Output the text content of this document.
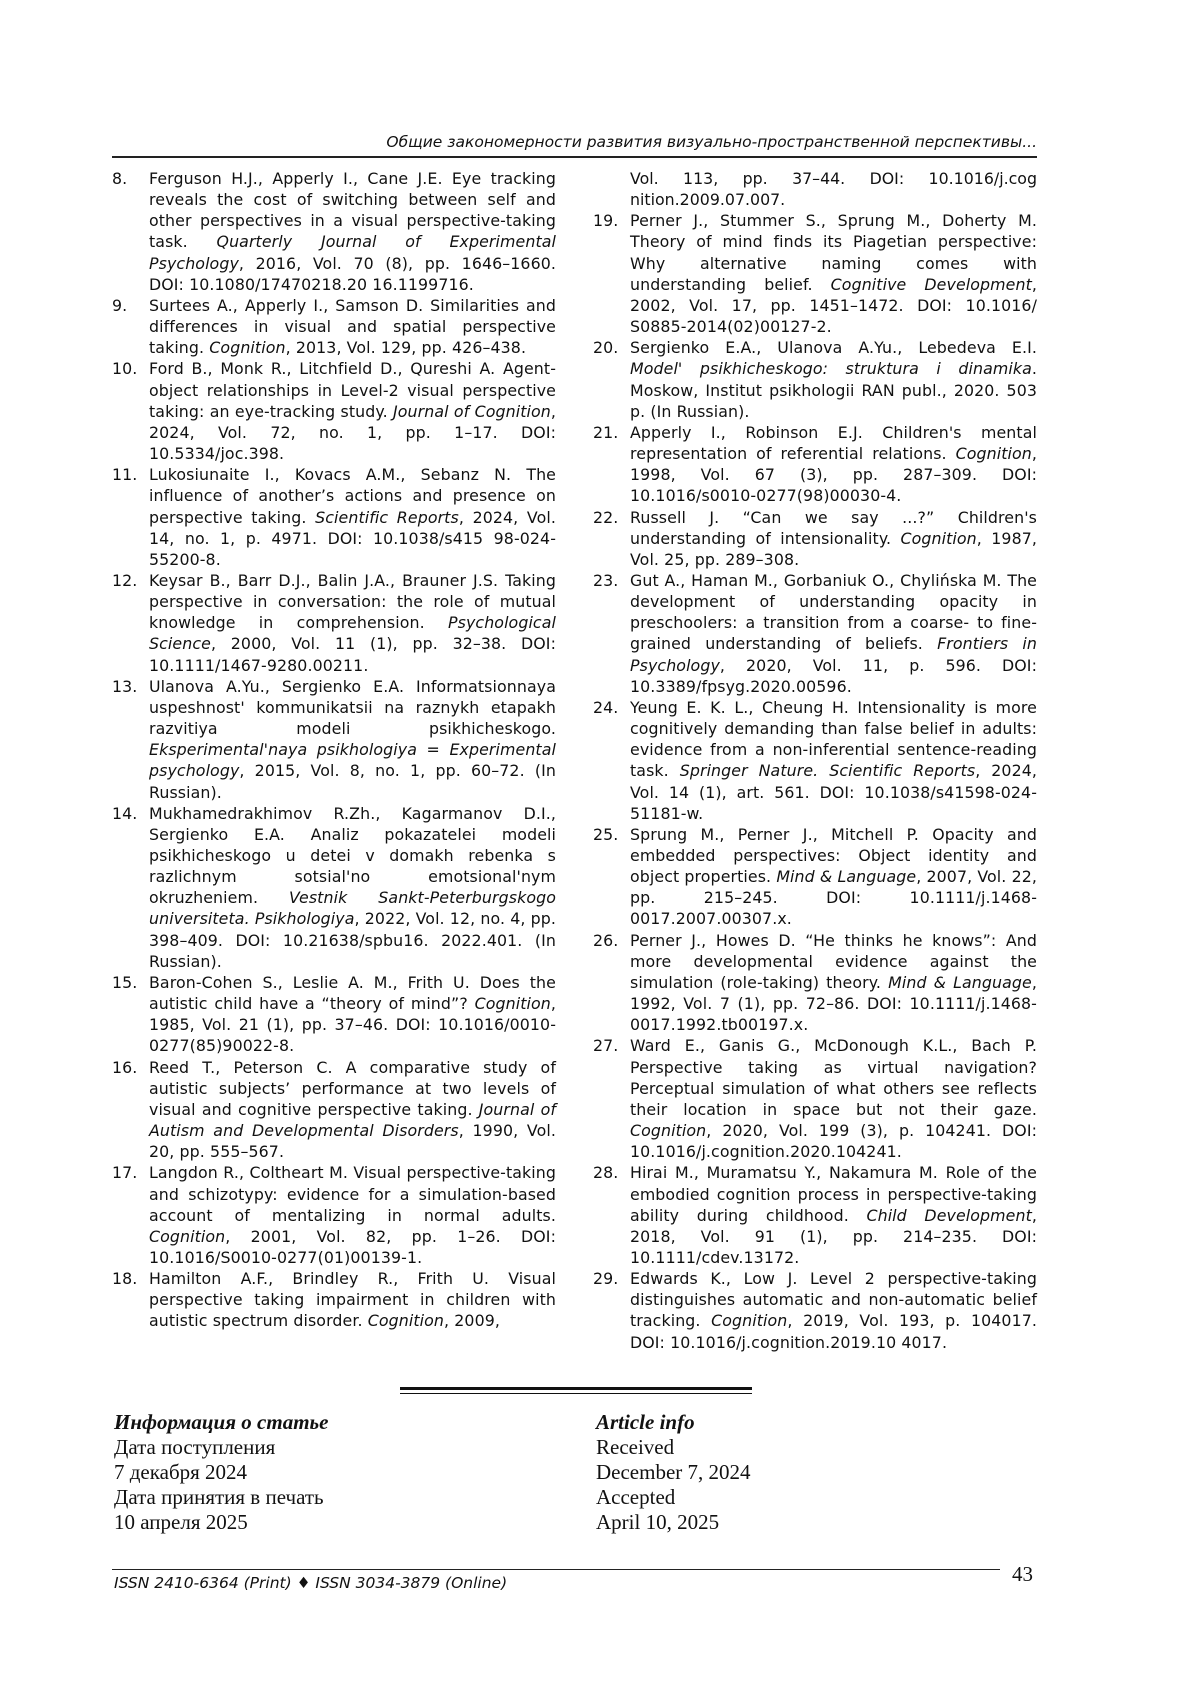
Общие закономерности развития визуально-пространственной перспективы...
8. Ferguson H.J., Apperly I., Cane J.E. Eye tracking reveals the cost of switching between self and other perspectives in a visual perspective-taking task. Quarterly Journal of Experimental Psychology, 2016, Vol. 70 (8), pp. 1646–1660. DOI: 10.1080/17470218.20 16.1199716.
9. Surtees A., Apperly I., Samson D. Similarities and differences in visual and spatial perspective taking. Cognition, 2013, Vol. 129, pp. 426–438.
10. Ford B., Monk R., Litchfield D., Qureshi A. Agent-object relationships in Level-2 visual perspective taking: an eye-tracking study. Journal of Cognition, 2024, Vol. 72, no. 1, pp. 1–17. DOI: 10.5334/joc.398.
11. Lukosiunaite I., Kovacs A.M., Sebanz N. The influence of another’s actions and presence on perspective taking. Scientific Reports, 2024, Vol. 14, no. 1, p. 4971. DOI: 10.1038/s415 98-024-55200-8.
12. Keysar B., Barr D.J., Balin J.A., Brauner J.S. Taking perspective in conversation: the role of mutual knowledge in comprehension. Psychological Science, 2000, Vol. 11 (1), pp. 32–38. DOI: 10.1111/1467-9280.00211.
13. Ulanova A.Yu., Sergienko E.A. Informatsionnaya uspeshnost' kommunikatsii na raznykh etapakh razvitiya modeli psikhicheskogo. Eksperimental'naya psikhologiya = Experimental psychology, 2015, Vol. 8, no. 1, pp. 60–72. (In Russian).
14. Mukhamedrakhimov R.Zh., Kagarmanov D.I., Sergienko E.A. Analiz pokazatelei modeli psikhicheskogo u detei v domakh rebenka s razlichnym sotsial'no emotsional'nym okruzheniem. Vestnik Sankt-Peterburgskogo universiteta. Psikhologiya, 2022, Vol. 12, no. 4, pp. 398–409. DOI: 10.21638/spbu16. 2022.401. (In Russian).
15. Baron-Cohen S., Leslie A. M., Frith U. Does the autistic child have a “theory of mind”? Cognition, 1985, Vol. 21 (1), pp. 37–46. DOI: 10.1016/0010-0277(85)90022-8.
16. Reed T., Peterson C. A comparative study of autistic subjects’ performance at two levels of visual and cognitive perspective taking. Journal of Autism and Developmental Disorders, 1990, Vol. 20, pp. 555–567.
17. Langdon R., Coltheart M. Visual perspective-taking and schizotypy: evidence for a simulation-based account of mentalizing in normal adults. Cognition, 2001, Vol. 82, pp. 1–26. DOI: 10.1016/S0010-0277(01)00139-1.
18. Hamilton A.F., Brindley R., Frith U. Visual perspective taking impairment in children with autistic spectrum disorder. Cognition, 2009,
Vol. 113, pp. 37–44. DOI: 10.1016/j.cog nition.2009.07.007.
19. Perner J., Stummer S., Sprung M., Doherty M. Theory of mind finds its Piagetian perspective: Why alternative naming comes with understanding belief. Cognitive Development, 2002, Vol. 17, pp. 1451–1472. DOI: 10.1016/ S0885-2014(02)00127-2.
20. Sergienko E.A., Ulanova A.Yu., Lebedeva E.I. Model' psikhicheskogo: struktura i dinamika. Moskow, Institut psikhologii RAN publ., 2020. 503 p. (In Russian).
21. Apperly I., Robinson E.J. Children's mental representation of referential relations. Cognition, 1998, Vol. 67 (3), pp. 287–309. DOI: 10.1016/s0010-0277(98)00030-4.
22. Russell J. “Can we say ...?” Children's understanding of intensionality. Cognition, 1987, Vol. 25, pp. 289–308.
23. Gut A., Haman M., Gorbaniuk O., Chylińska M. The development of understanding opacity in preschoolers: a transition from a coarse- to fine-grained understanding of beliefs. Frontiers in Psychology, 2020, Vol. 11, p. 596. DOI: 10.3389/fpsyg.2020.00596.
24. Yeung E. K. L., Cheung H. Intensionality is more cognitively demanding than false belief in adults: evidence from a non-inferential sentence-reading task. Springer Nature. Scientific Reports, 2024, Vol. 14 (1), art. 561. DOI: 10.1038/s41598-024-51181-w.
25. Sprung M., Perner J., Mitchell P. Opacity and embedded perspectives: Object identity and object properties. Mind & Language, 2007, Vol. 22, pp. 215–245. DOI: 10.1111/j.1468-0017.2007.00307.x.
26. Perner J., Howes D. “He thinks he knows”: And more developmental evidence against the simulation (role-taking) theory. Mind & Language, 1992, Vol. 7 (1), pp. 72–86. DOI: 10.1111/j.1468-0017.1992.tb00197.x.
27. Ward E., Ganis G., McDonough K.L., Bach P. Perspective taking as virtual navigation? Perceptual simulation of what others see reflects their location in space but not their gaze. Cognition, 2020, Vol. 199 (3), p. 104241. DOI: 10.1016/j.cognition.2020.104241.
28. Hirai M., Muramatsu Y., Nakamura M. Role of the embodied cognition process in perspective-taking ability during childhood. Child Development, 2018, Vol. 91 (1), pp. 214–235. DOI: 10.1111/cdev.13172.
29. Edwards K., Low J. Level 2 perspective-taking distinguishes automatic and non-automatic belief tracking. Cognition, 2019, Vol. 193, p. 104017. DOI: 10.1016/j.cognition.2019.10 4017.
Информация о статье
Дата поступления
7 декабря 2024
Дата принятия в печать
10 апреля 2025
Article info
Received
December 7, 2024
Accepted
April 10, 2025
ISSN 2410-6364 (Print) ♦ ISSN 3034-3879 (Online)	43
